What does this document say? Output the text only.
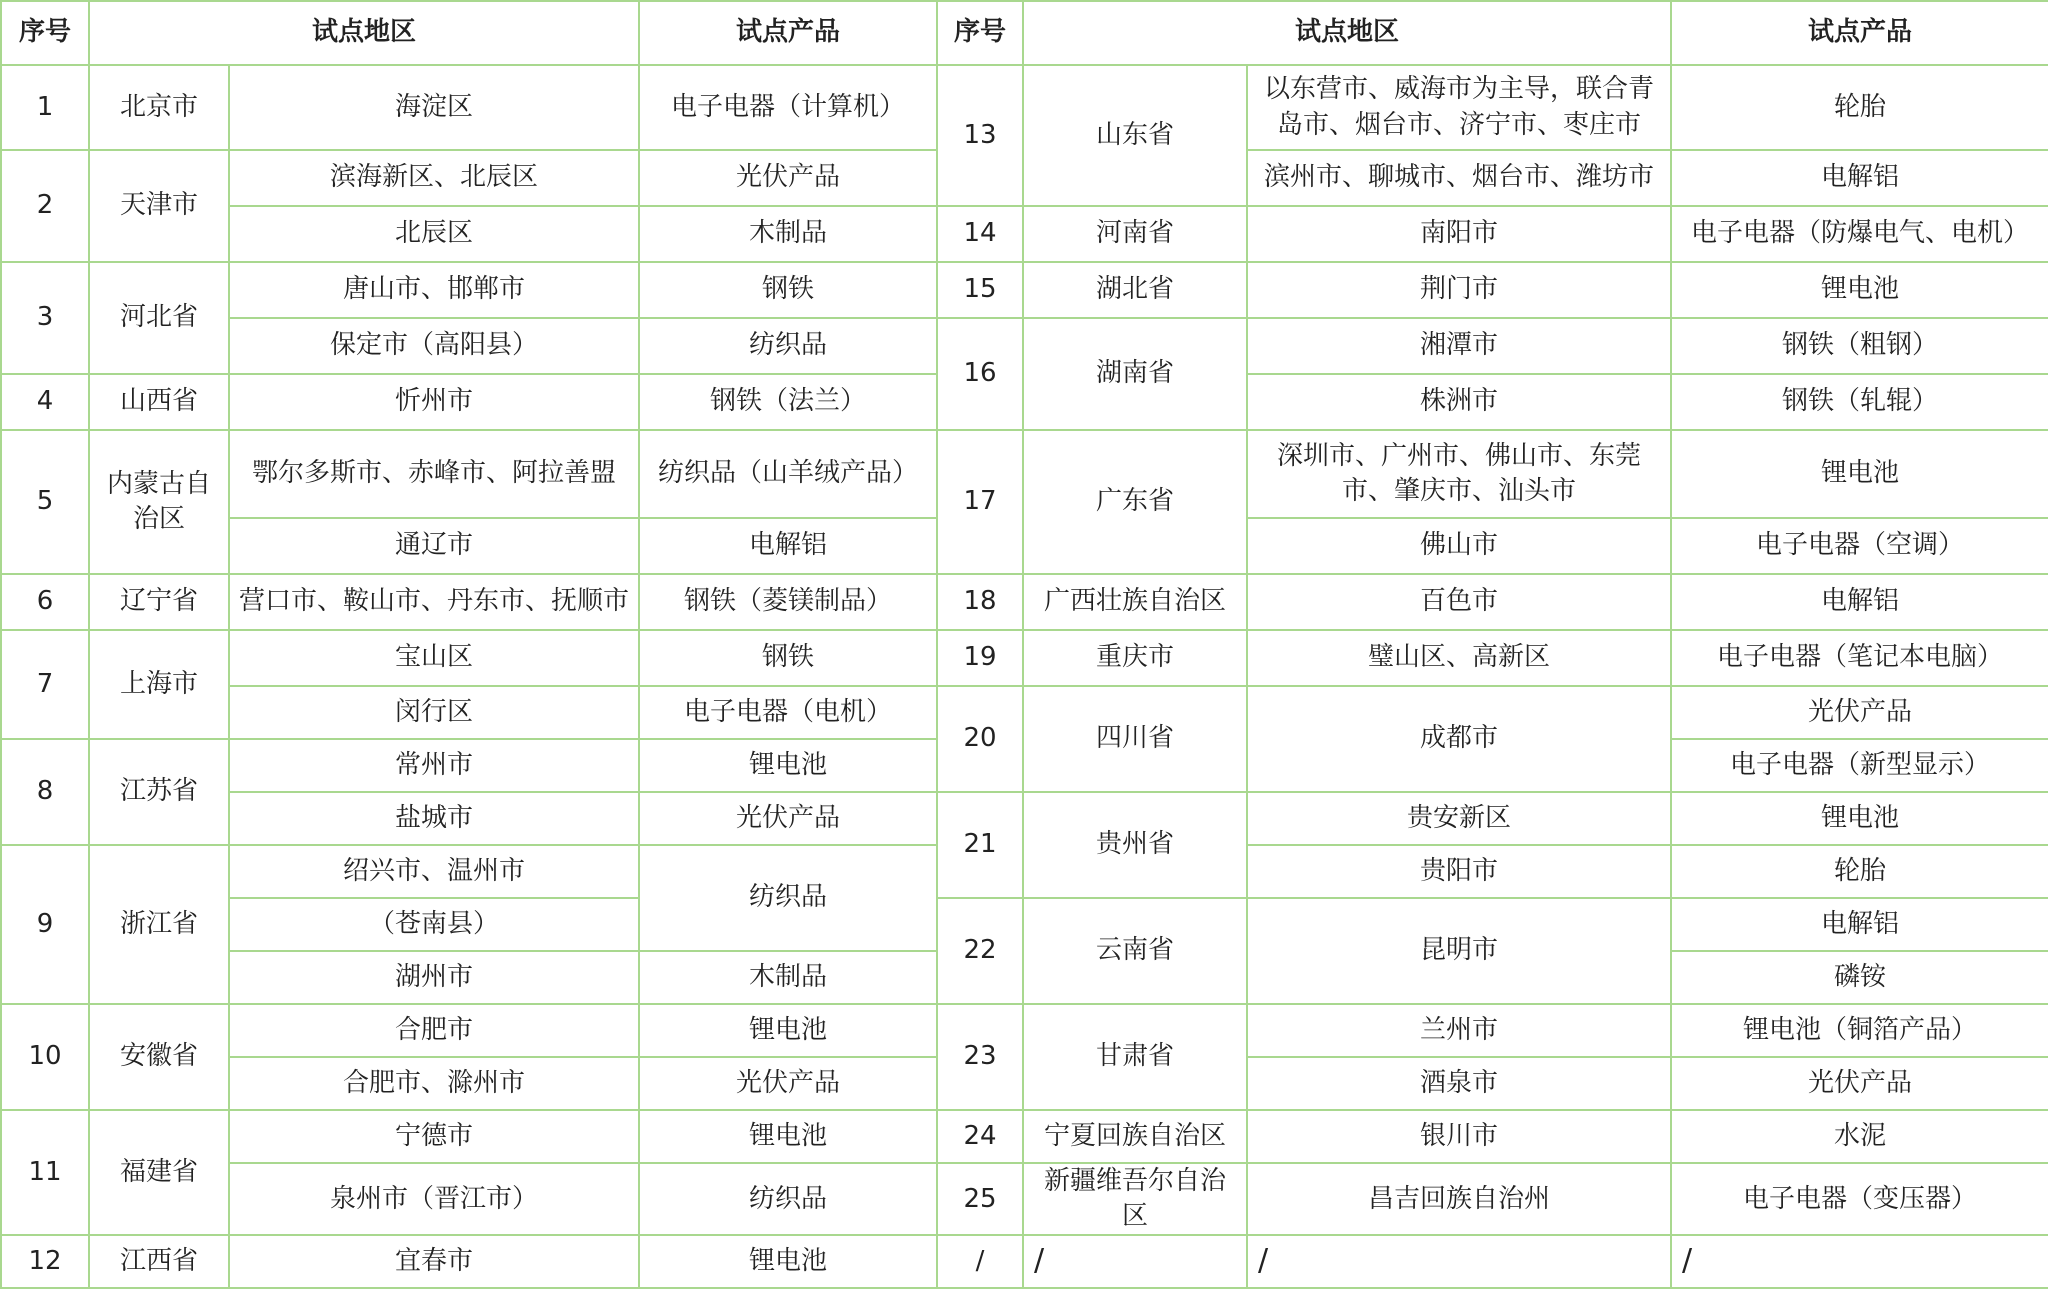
序号	试点地区		试点产品	序号	试点地区		试点产品
1	北京市	海淀区	电子电器（计算机）	13	山东省	以东营市、威海市为主导，联合青岛市、烟台市、济宁市、枣庄市	轮胎
2	天津市	滨海新区、北辰区	光伏产品			滨州市、聊城市、烟台市、潍坊市	电解铝
		北辰区	木制品	14	河南省	南阳市	电子电器（防爆电气、电机）
3	河北省	唐山市、邯郸市	钢铁	15	湖北省	荆门市	锂电池
		保定市（高阳县）	纺织品	16	湖南省	湘潭市	钢铁（粗钢）
4	山西省	忻州市	钢铁（法兰）			株洲市	钢铁（轧辊）
5	内蒙古自治区	鄂尔多斯市、赤峰市、阿拉善盟	纺织品（山羊绒产品）	17	广东省	深圳市、广州市、佛山市、东莞市、肇庆市、汕头市	锂电池
		通辽市	电解铝			佛山市	电子电器（空调）
6	辽宁省	营口市、鞍山市、丹东市、抚顺市	钢铁（菱镁制品）	18	广西壮族自治区	百色市	电解铝
7	上海市	宝山区	钢铁	19	重庆市	璧山区、高新区	电子电器（笔记本电脑）
		闵行区	电子电器（电机）	20	四川省	成都市	光伏产品
8	江苏省	常州市	锂电池				电子电器（新型显示）
		盐城市	光伏产品	21	贵州省	贵安新区	锂电池
9	浙江省	绍兴市、温州市	纺织品			贵阳市	轮胎
		（苍南县）		22	云南省	昆明市	电解铝
		湖州市	木制品				磷铵
10	安徽省	合肥市	锂电池	23	甘肃省	兰州市	锂电池（铜箔产品）
		合肥市、滁州市	光伏产品			酒泉市	光伏产品
11	福建省	宁德市	锂电池	24	宁夏回族自治区	银川市	水泥
		泉州市（晋江市）	纺织品	25	新疆维吾尔自治区	昌吉回族自治州	电子电器（变压器）
12	江西省	宜春市	锂电池	/	/	/	/
